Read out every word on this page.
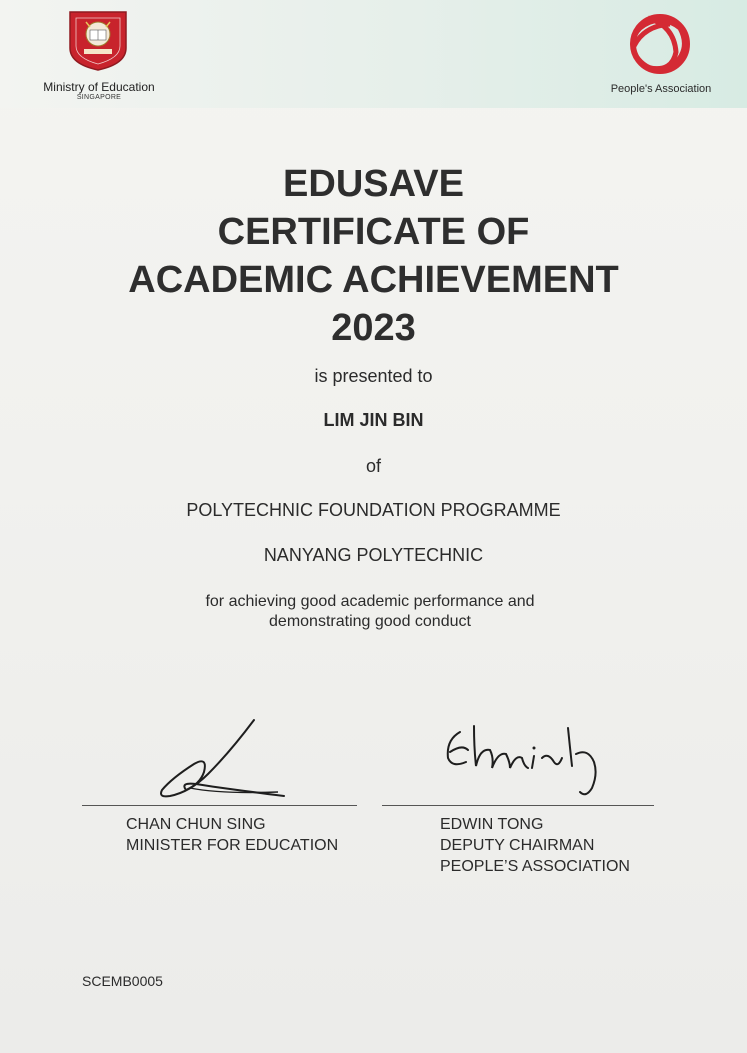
Ministry of Education
SINGAPORE
People's Association
EDUSAVE
CERTIFICATE OF
ACADEMIC ACHIEVEMENT
2023
is presented to
LIM JIN BIN
of
POLYTECHNIC FOUNDATION PROGRAMME
NANYANG POLYTECHNIC
for achieving good academic performance and
demonstrating good conduct
CHAN CHUN SING
MINISTER FOR EDUCATION
EDWIN TONG
DEPUTY CHAIRMAN
PEOPLE’S ASSOCIATION
SCEMB0005
